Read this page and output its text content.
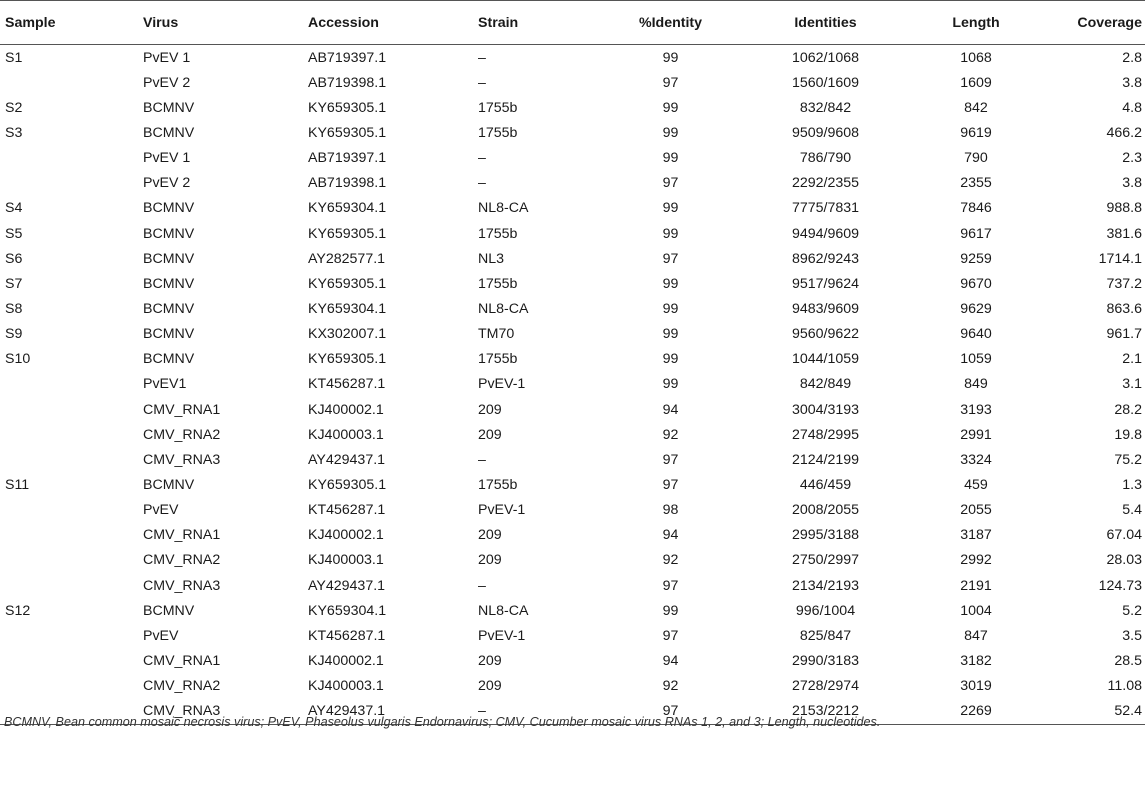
Sample	Virus	Accession	Strain	%Identity	Identities	Length	Coverage
S1	PvEV 1	AB719397.1	–	99	1062/1068	1068	2.8
	PvEV 2	AB719398.1	–	97	1560/1609	1609	3.8
S2	BCMNV	KY659305.1	1755b	99	832/842	842	4.8
S3	BCMNV	KY659305.1	1755b	99	9509/9608	9619	466.2
	PvEV 1	AB719397.1	–	99	786/790	790	2.3
	PvEV 2	AB719398.1	–	97	2292/2355	2355	3.8
S4	BCMNV	KY659304.1	NL8-CA	99	7775/7831	7846	988.8
S5	BCMNV	KY659305.1	1755b	99	9494/9609	9617	381.6
S6	BCMNV	AY282577.1	NL3	97	8962/9243	9259	1714.1
S7	BCMNV	KY659305.1	1755b	99	9517/9624	9670	737.2
S8	BCMNV	KY659304.1	NL8-CA	99	9483/9609	9629	863.6
S9	BCMNV	KX302007.1	TM70	99	9560/9622	9640	961.7
S10	BCMNV	KY659305.1	1755b	99	1044/1059	1059	2.1
	PvEV1	KT456287.1	PvEV-1	99	842/849	849	3.1
	CMV_RNA1	KJ400002.1	209	94	3004/3193	3193	28.2
	CMV_RNA2	KJ400003.1	209	92	2748/2995	2991	19.8
	CMV_RNA3	AY429437.1	–	97	2124/2199	3324	75.2
S11	BCMNV	KY659305.1	1755b	97	446/459	459	1.3
	PvEV	KT456287.1	PvEV-1	98	2008/2055	2055	5.4
	CMV_RNA1	KJ400002.1	209	94	2995/3188	3187	67.04
	CMV_RNA2	KJ400003.1	209	92	2750/2997	2992	28.03
	CMV_RNA3	AY429437.1	–	97	2134/2193	2191	124.73
S12	BCMNV	KY659304.1	NL8-CA	99	996/1004	1004	5.2
	PvEV	KT456287.1	PvEV-1	97	825/847	847	3.5
	CMV_RNA1	KJ400002.1	209	94	2990/3183	3182	28.5
	CMV_RNA2	KJ400003.1	209	92	2728/2974	3019	11.08
	CMV_RNA3	AY429437.1	–	97	2153/2212	2269	52.4
BCMNV, Bean common mosaic necrosis virus; PvEV, Phaseolus vulgaris Endornavirus; CMV, Cucumber mosaic virus RNAs 1, 2, and 3; Length, nucleotides.
